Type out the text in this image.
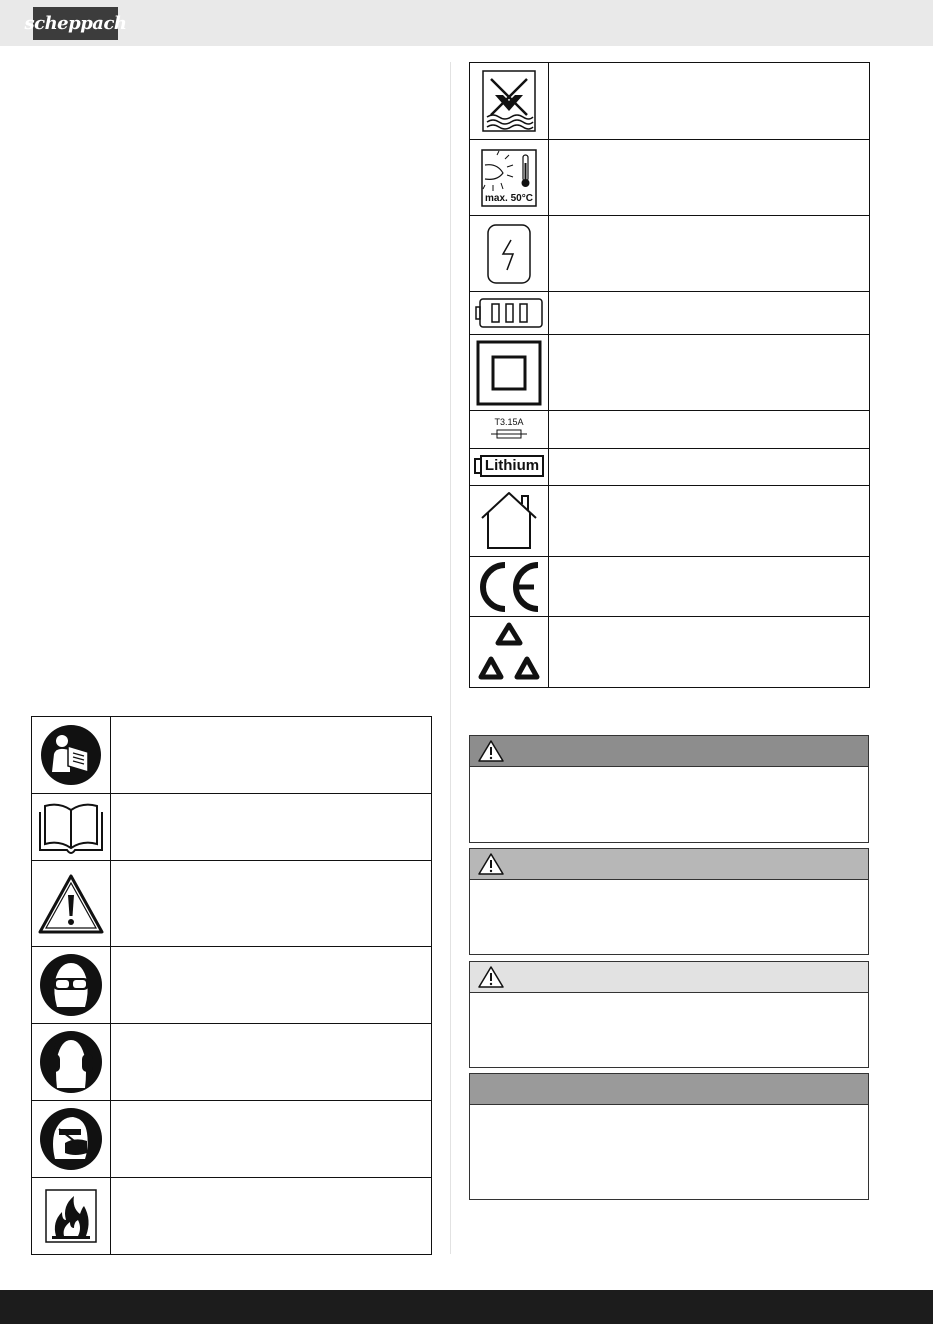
scheppach

max. 50°C	

T3.15A	

Lithium	
